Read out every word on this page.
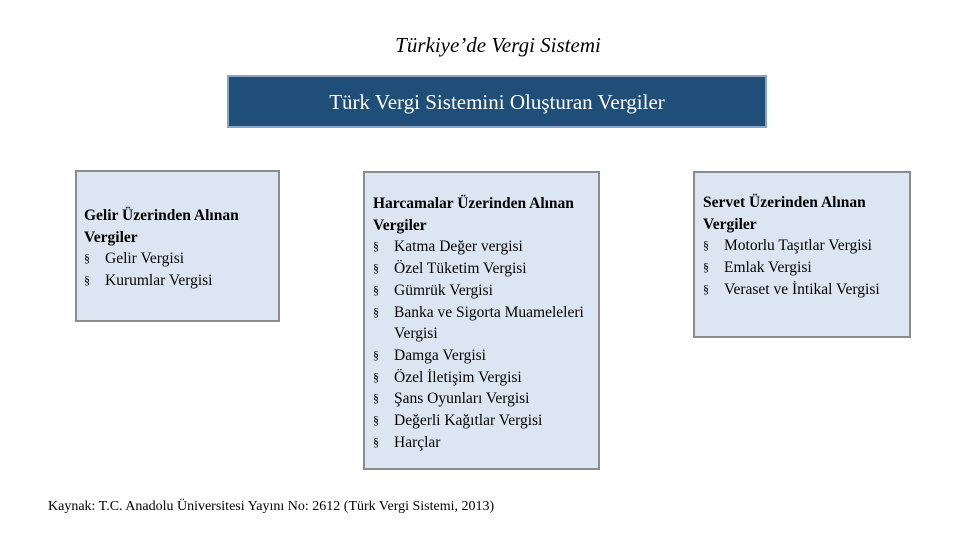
Türkiye’de Vergi Sistemi
Türk Vergi Sistemini Oluşturan Vergiler
Gelir Üzerinden Alınan Vergiler
§ Gelir Vergisi
§ Kurumlar Vergisi
Harcamalar Üzerinden Alınan Vergiler
§ Katma Değer vergisi
§ Özel Tüketim Vergisi
§ Gümrük Vergisi
§ Banka ve Sigorta Muameleleri Vergisi
§ Damga Vergisi
§ Özel İletişim Vergisi
§ Şans Oyunları Vergisi
§ Değerli Kağıtlar Vergisi
§ Harçlar
Servet Üzerinden Alınan Vergiler
§ Motorlu Taşıtlar Vergisi
§ Emlak Vergisi
§ Veraset ve İntikal Vergisi
Kaynak: T.C. Anadolu Üniversitesi Yayını No: 2612 (Türk Vergi Sistemi, 2013)
